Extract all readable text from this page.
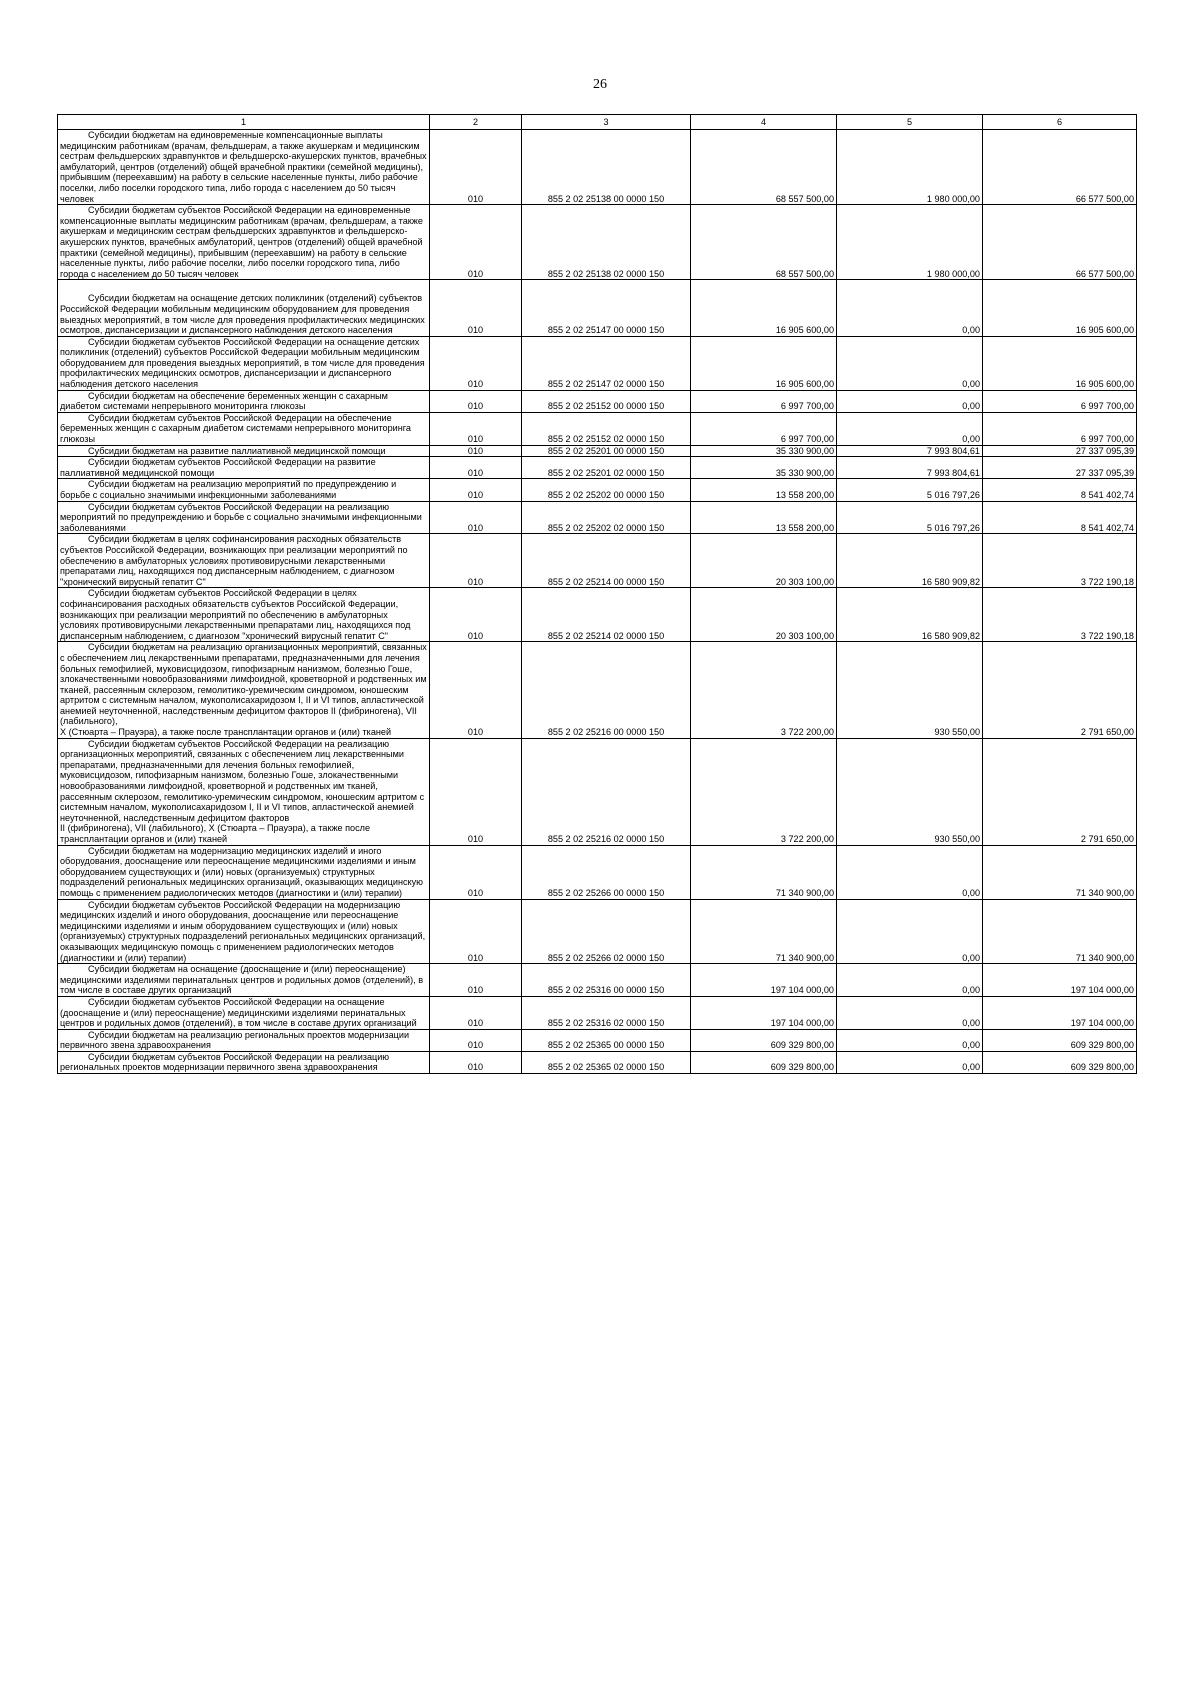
26
1	2	3	4	5	6

Субсидии бюджетам на единовременные компенсационные выплаты медицинским работникам (врачам, фельдшерам, а также акушеркам и медицинским сестрам фельдшерских здравпунктов и фельдшерско-акушерских пунктов, врачебных амбулаторий, центров (отделений) общей врачебной практики (семейной медицины), прибывшим (переехавшим) на работу в сельские населенные пункты, либо рабочие поселки, либо поселки городского типа, либо города с населением до 50 тысяч человек	010	855 2 02 25138 00 0000 150	68 557 500,00	1 980 000,00	66 577 500,00

Субсидии бюджетам субъектов Российской Федерации на единовременные компенсационные выплаты медицинским работникам (врачам, фельдшерам, а также акушеркам и медицинским сестрам фельдшерских здравпунктов и фельдшерско-акушерских пунктов, врачебных амбулаторий, центров (отделений) общей врачебной практики (семейной медицины), прибывшим (переехавшим) на работу в сельские населенные пункты, либо рабочие поселки, либо поселки городского типа, либо города с населением до 50 тысяч человек	010	855 2 02 25138 02 0000 150	68 557 500,00	1 980 000,00	66 577 500,00

Субсидии бюджетам на оснащение детских поликлиник (отделений) субъектов Российской Федерации мобильным медицинским оборудованием для проведения выездных мероприятий, в том числе для проведения профилактических медицинских осмотров, диспансеризации и диспансерного наблюдения детского населения	010	855 2 02 25147 00 0000 150	16 905 600,00	0,00	16 905 600,00

Субсидии бюджетам субъектов Российской Федерации на оснащение детских поликлиник (отделений) субъектов Российской Федерации мобильным медицинским оборудованием для проведения выездных мероприятий, в том числе для проведения профилактических медицинских осмотров, диспансеризации и диспансерного наблюдения детского населения	010	855 2 02 25147 02 0000 150	16 905 600,00	0,00	16 905 600,00

Субсидии бюджетам на обеспечение беременных женщин с сахарным диабетом системами непрерывного мониторинга глюкозы	010	855 2 02 25152 00 0000 150	6 997 700,00	0,00	6 997 700,00

Субсидии бюджетам субъектов Российской Федерации на обеспечение беременных женщин с сахарным диабетом системами непрерывного мониторинга глюкозы	010	855 2 02 25152 02 0000 150	6 997 700,00	0,00	6 997 700,00

Субсидии бюджетам на развитие паллиативной медицинской помощи	010	855 2 02 25201 00 0000 150	35 330 900,00	7 993 804,61	27 337 095,39

Субсидии бюджетам субъектов Российской Федерации на развитие паллиативной медицинской помощи	010	855 2 02 25201 02 0000 150	35 330 900,00	7 993 804,61	27 337 095,39

Субсидии бюджетам на реализацию мероприятий по предупреждению и борьбе с социально значимыми инфекционными заболеваниями	010	855 2 02 25202 00 0000 150	13 558 200,00	5 016 797,26	8 541 402,74

Субсидии бюджетам субъектов Российской Федерации на реализацию мероприятий по предупреждению и борьбе с социально значимыми инфекционными заболеваниями	010	855 2 02 25202 02 0000 150	13 558 200,00	5 016 797,26	8 541 402,74

Субсидии бюджетам в целях софинансирования расходных обязательств субъектов Российской Федерации, возникающих при реализации мероприятий по обеспечению в амбулаторных условиях противовирусными лекарственными препаратами лиц, находящихся под диспансерным наблюдением, с диагнозом "хронический вирусный гепатит C"	010	855 2 02 25214 00 0000 150	20 303 100,00	16 580 909,82	3 722 190,18

Субсидии бюджетам субъектов Российской Федерации в целях софинансирования расходных обязательств субъектов Российской Федерации, возникающих при реализации мероприятий по обеспечению в амбулаторных условиях противовирусными лекарственными препаратами лиц, находящихся под диспансерным наблюдением, с диагнозом "хронический вирусный гепатит C"	010	855 2 02 25214 02 0000 150	20 303 100,00	16 580 909,82	3 722 190,18

Субсидии бюджетам на реализацию организационных мероприятий, связанных с обеспечением лиц лекарственными препаратами, предназначенными для лечения больных гемофилией, муковисцидозом, гипофизарным нанизмом, болезнью Гоше, злокачественными новообразованиями лимфоидной, кроветворной и родственных им тканей, рассеянным склерозом, гемолитико-уремическим синдромом, юношеским артритом с системным началом, мукополисахаридозом I, II и VI типов, апластической анемией неуточненной, наследственным дефицитом факторов II (фибриногена), VII (лабильного),
X (Стюарта – Прауэра), а также после трансплантации органов и (или) тканей	010	855 2 02 25216 00 0000 150	3 722 200,00	930 550,00	2 791 650,00

Субсидии бюджетам субъектов Российской Федерации на реализацию организационных мероприятий, связанных с обеспечением лиц лекарственными препаратами, предназначенными для лечения больных гемофилией, муковисцидозом, гипофизарным нанизмом, болезнью Гоше, злокачественными новообразованиями лимфоидной, кроветворной и родственных им тканей, рассеянным склерозом, гемолитико-уремическим синдромом, юношеским артритом с системным началом, мукополисахаридозом I, II и VI типов, апластической анемией неуточненной, наследственным дефицитом факторов
II (фибриногена), VII (лабильного), X (Стюарта – Прауэра), а также после трансплантации органов и (или) тканей	010	855 2 02 25216 02 0000 150	3 722 200,00	930 550,00	2 791 650,00

Субсидии бюджетам на модернизацию медицинских изделий и иного оборудования, дооснащение или переоснащение медицинскими изделиями и иным оборудованием существующих и (или) новых (организуемых) структурных подразделений региональных медицинских организаций, оказывающих медицинскую помощь с применением радиологических методов (диагностики и (или) терапии)	010	855 2 02 25266 00 0000 150	71 340 900,00	0,00	71 340 900,00

Субсидии бюджетам субъектов Российской Федерации на модернизацию медицинских изделий и иного оборудования, дооснащение или переоснащение медицинскими изделиями и иным оборудованием существующих и (или) новых (организуемых) структурных подразделений региональных медицинских организаций, оказывающих медицинскую помощь с применением радиологических методов (диагностики и (или) терапии)	010	855 2 02 25266 02 0000 150	71 340 900,00	0,00	71 340 900,00

Субсидии бюджетам на оснащение (дооснащение и (или) переоснащение) медицинскими изделиями перинатальных центров и родильных домов (отделений), в том числе в составе других организаций	010	855 2 02 25316 00 0000 150	197 104 000,00	0,00	197 104 000,00

Субсидии бюджетам субъектов Российской Федерации на оснащение (дооснащение и (или) переоснащение) медицинскими изделиями перинатальных центров и родильных домов (отделений), в том числе в составе других организаций	010	855 2 02 25316 02 0000 150	197 104 000,00	0,00	197 104 000,00

Субсидии бюджетам на реализацию региональных проектов модернизации первичного звена здравоохранения	010	855 2 02 25365 00 0000 150	609 329 800,00	0,00	609 329 800,00

Субсидии бюджетам субъектов Российской Федерации на реализацию региональных проектов модернизации первичного звена здравоохранения	010	855 2 02 25365 02 0000 150	609 329 800,00	0,00	609 329 800,00
